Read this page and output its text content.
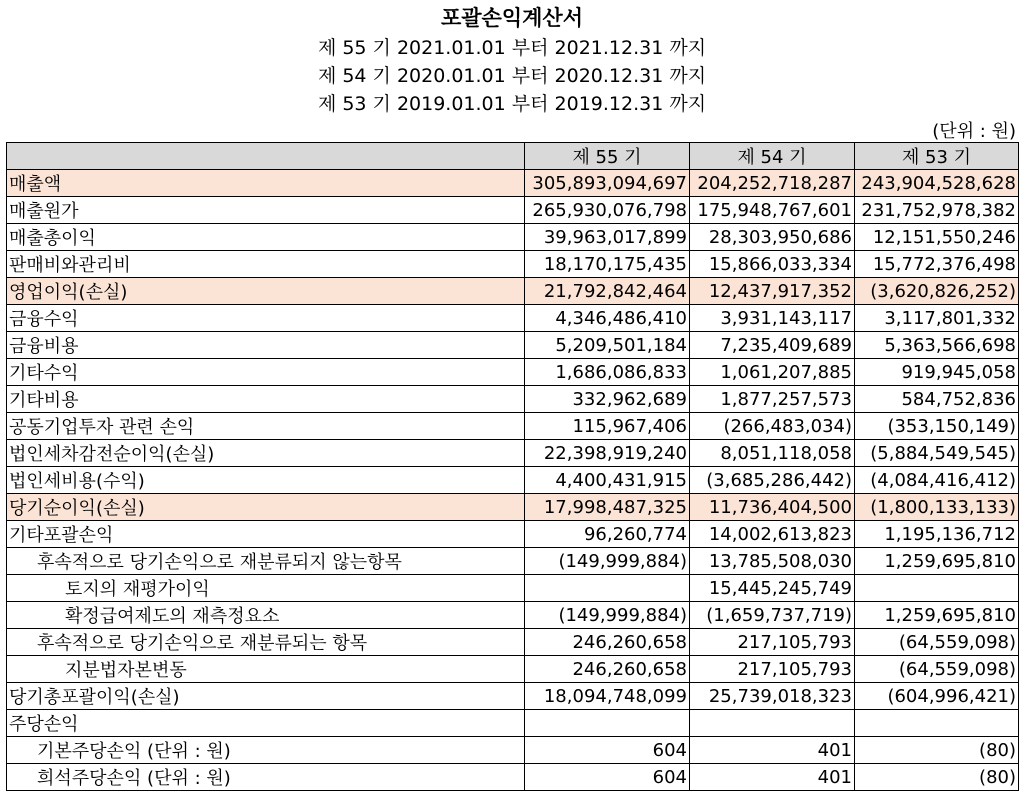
포괄손익계산서
제 55 기 2021.01.01 부터 2021.12.31 까지
제 54 기 2020.01.01 부터 2020.12.31 까지
제 53 기 2019.01.01 부터 2019.12.31 까지
(단위 : 원)
	제 55 기	제 54 기	제 53 기
매출액	305,893,094,697	204,252,718,287	243,904,528,628
매출원가	265,930,076,798	175,948,767,601	231,752,978,382
매출총이익	39,963,017,899	28,303,950,686	12,151,550,246
판매비와관리비	18,170,175,435	15,866,033,334	15,772,376,498
영업이익(손실)	21,792,842,464	12,437,917,352	(3,620,826,252)
금융수익	4,346,486,410	3,931,143,117	3,117,801,332
금융비용	5,209,501,184	7,235,409,689	5,363,566,698
기타수익	1,686,086,833	1,061,207,885	919,945,058
기타비용	332,962,689	1,877,257,573	584,752,836
공동기업투자 관련 손익	115,967,406	(266,483,034)	(353,150,149)
법인세차감전순이익(손실)	22,398,919,240	8,051,118,058	(5,884,549,545)
법인세비용(수익)	4,400,431,915	(3,685,286,442)	(4,084,416,412)
당기순이익(손실)	17,998,487,325	11,736,404,500	(1,800,133,133)
기타포괄손익	96,260,774	14,002,613,823	1,195,136,712
후속적으로 당기손익으로 재분류되지 않는항목	(149,999,884)	13,785,508,030	1,259,695,810
토지의 재평가이익		15,445,245,749	
확정급여제도의 재측정요소	(149,999,884)	(1,659,737,719)	1,259,695,810
후속적으로 당기손익으로 재분류되는 항목	246,260,658	217,105,793	(64,559,098)
지분법자본변동	246,260,658	217,105,793	(64,559,098)
당기총포괄이익(손실)	18,094,748,099	25,739,018,323	(604,996,421)
주당손익			
기본주당손익 (단위 : 원)	604	401	(80)
희석주당손익 (단위 : 원)	604	401	(80)
